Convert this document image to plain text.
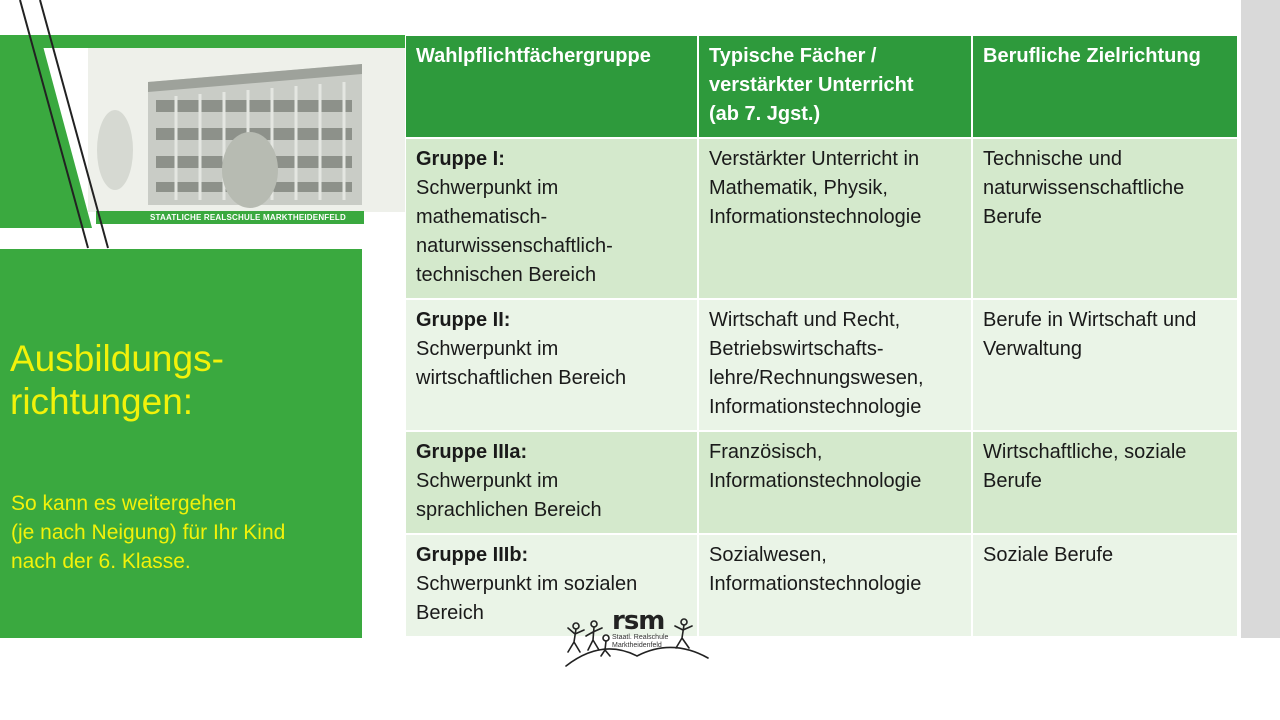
STAATLICHE REALSCHULE MARKTHEIDENFELD
Ausbildungs-
richtungen:

So kann es weitergehen
(je nach Neigung) für Ihr Kind
nach der 6. Klasse.

Wahlpflichtfächergruppe	Typische Fächer /
verstärkter Unterricht
(ab 7. Jgst.)	Berufliche Zielrichtung

Gruppe I:
Schwerpunkt im
mathematisch-
naturwissenschaftlich-
technischen Bereich	Verstärkter Unterricht in
Mathematik, Physik,
Informationstechnologie	Technische und
naturwissenschaftliche
Berufe

Gruppe II:
Schwerpunkt im
wirtschaftlichen Bereich	Wirtschaft und Recht,
Betriebswirtschafts-
lehre/Rechnungswesen,
Informationstechnologie	Berufe in Wirtschaft und
Verwaltung

Gruppe IIIa:
Schwerpunkt im
sprachlichen Bereich	Französisch,
Informationstechnologie	Wirtschaftliche, soziale
Berufe

Gruppe IIIb:
Schwerpunkt im sozialen
Bereich	Sozialwesen,
Informationstechnologie	Soziale Berufe
rsm
Staatl. Realschule
Marktheidenfeld
